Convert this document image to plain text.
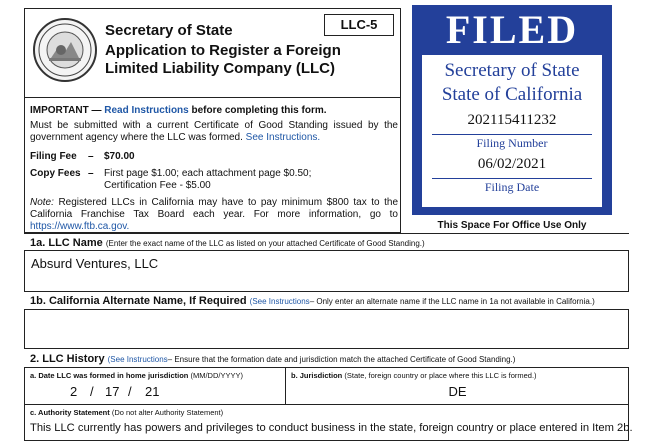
Secretary of State
Application to Register a Foreign Limited Liability Company (LLC)
LLC-5
IMPORTANT — Read Instructions before completing this form.
Must be submitted with a current Certificate of Good Standing issued by the government agency where the LLC was formed. See Instructions.
Filing Fee – $70.00
Copy Fees – First page $1.00; each attachment page $0.50;
Certification Fee - $5.00
Note: Registered LLCs in California may have to pay minimum $800 tax to the California Franchise Tax Board each year. For more information, go to https://www.ftb.ca.gov.
FILED
Secretary of State
State of California
202115411232
Filing Number
06/02/2021
Filing Date
This Space For Office Use Only
1a. LLC Name (Enter the exact name of the LLC as listed on your attached Certificate of Good Standing.)
Absurd Ventures, LLC
1b. California Alternate Name, If Required (See Instructions– Only enter an alternate name if the LLC name in 1a not available in California.)
2. LLC History (See Instructions– Ensure that the formation date and jurisdiction match the attached Certificate of Good Standing.)
a. Date LLC was formed in home jurisdiction (MM/DD/YYYY)
2 / 17 / 21
b. Jurisdiction (State, foreign country or place where this LLC is formed.)
DE
c. Authority Statement (Do not alter Authority Statement)
This LLC currently has powers and privileges to conduct business in the state, foreign country or place entered in Item 2b.
